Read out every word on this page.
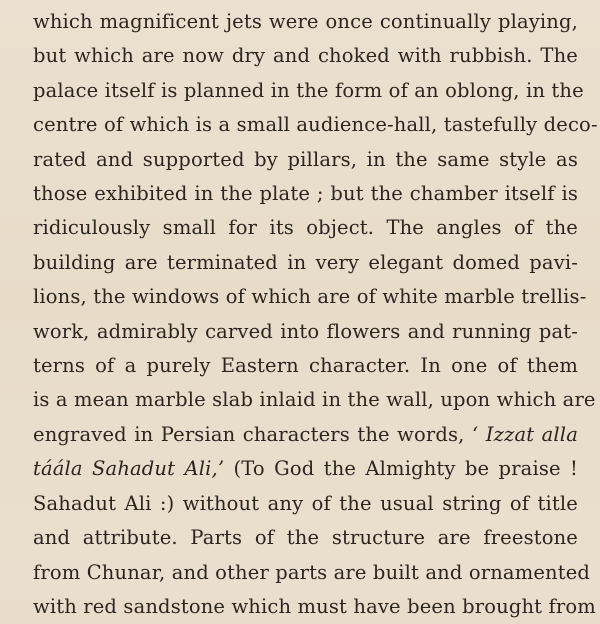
which magnificent jets were once continually playing,
but which are now dry and choked with rubbish. The
palace itself is planned in the form of an oblong, in the
centre of which is a small audience-hall, tastefully deco-
rated and supported by pillars, in the same style as
those exhibited in the plate ; but the chamber itself is
ridiculously small for its object. The angles of the
building are terminated in very elegant domed pavi-
lions, the windows of which are of white marble trellis-
work, admirably carved into flowers and running pat-
terns of a purely Eastern character. In one of them
is a mean marble slab inlaid in the wall, upon which are
engraved in Persian characters the words, ‘ Izzat alla
táála Sahadut Ali,’ (To God the Almighty be praise !
Sahadut Ali :) without any of the usual string of title
and attribute. Parts of the structure are freestone
from Chunar, and other parts are built and ornamented
with red sandstone which must have been brought from
